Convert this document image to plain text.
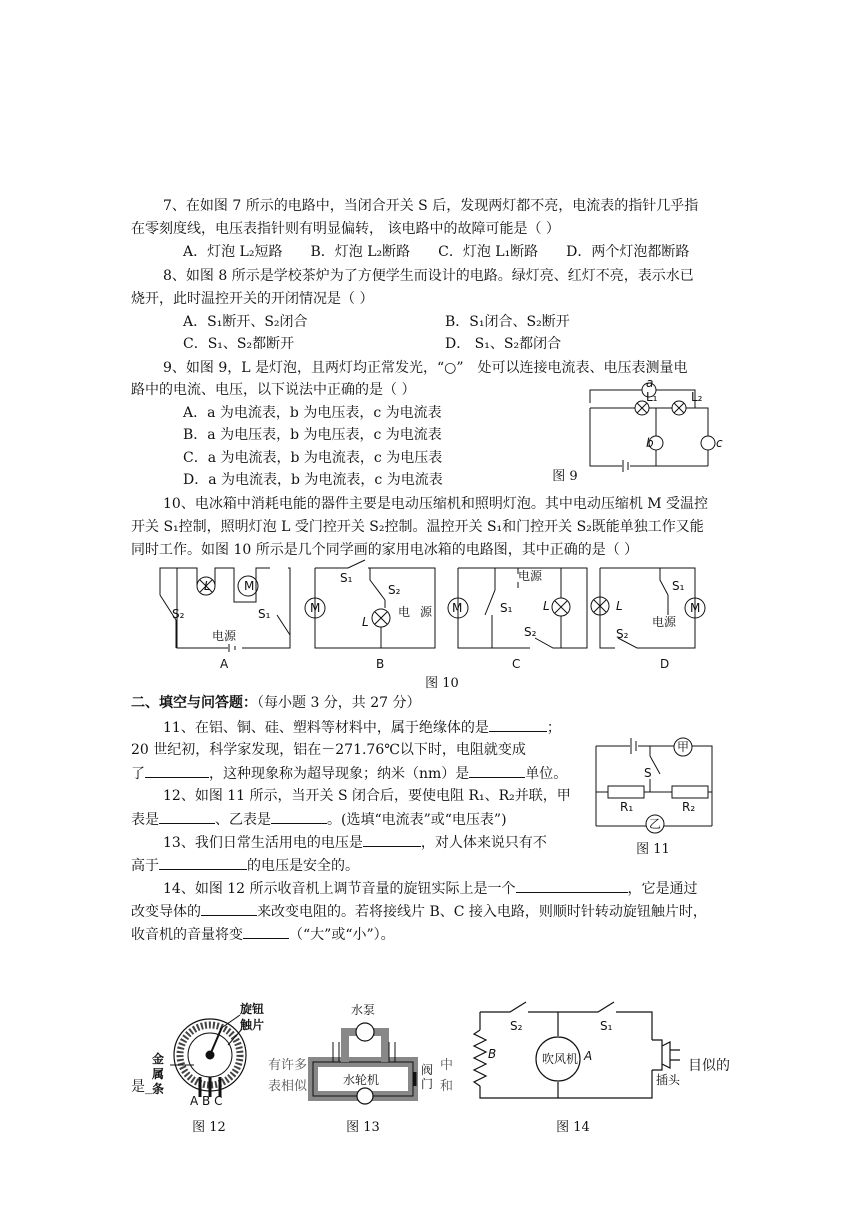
7、在如图 7 所示的电路中，当闭合开关 S 后，发现两灯都不亮，电流表的指针几乎指
在零刻度线，电压表指针则有明显偏转， 该电路中的故障可能是（ ）
A．灯泡 L₂短路　　B．灯泡 L₂断路　　C．灯泡 L₁断路　　D．两个灯泡都断路
8、如图 8 所示是学校茶炉为了方便学生而设计的电路。绿灯亮、红灯不亮，表示水已
烧开，此时温控开关的开闭情况是（ ）
A．S₁断开、S₂闭合	B．S₁闭合、S₂断开
C．S₁、S₂都断开	D． S₁、S₂都闭合
9、如图 9，L 是灯泡，且两灯均正常发光，“○”　处可以连接电流表、电压表测量电
路中的电流、电压，以下说法中正确的是（ ）
A．a 为电流表，b 为电压表，c 为电流表
B．a 为电压表，b 为电压表，c 为电流表
C．a 为电流表，b 为电流表，c 为电压表
D．a 为电流表，b 为电流表，c 为电流表
a
L₁	L₂
b	c
图 9
10、电冰箱中消耗电能的器件主要是电动压缩机和照明灯泡。其中电动压缩机 M 受温控
开关 S₁控制，照明灯泡 L 受门控开关 S₂控制。温控开关 S₁和门控开关 S₂既能单独工作又能
同时工作。如图 10 所示是几个同学画的家用电冰箱的电路图，其中正确的是（ ）
L	M
S₂	S₁
电源
S₁
M
S₂
L
电 源
电源
M	S₁	L
S₂
L
S₁
M
电源
S₂
A	B	C	D
图 10
二、填空与问答题：（每小题 3 分，共 27 分）
11、在铝、铜、硅、塑料等材料中，属于绝缘体的是	；
20 世纪初，科学家发现，铝在－271.76℃以下时，电阻就变成
了	，这种现象称为超导现象；纳米（nm）是	单位。
12、如图 11 所示，当开关 S 闭合后，要使电阻 R₁、R₂并联，甲
表是	、乙表是	。(选填“电流表”或“电压表”)
甲
S
R₁	R₂
乙
图 11
13、我们日常生活用电的电压是	，对人体来说只有不
高于	的电压是安全的。
14、如图 12 所示收音机上调节音量的旋钮实际上是一个	，它是通过
改变导体的	来改变电阻的。若将接线片 B、C 接入电路，则顺时针转动旋钮触片时，
收音机的音量将变	（“大”或“小”）。
是_
旋钮
触片
金
属
条
A B C
有许多
表相似
图 12
水泵
水轮机
阀
门
中
和
图 13
S₂	S₁
B	A
吹风机
插头
目似的
图 14
